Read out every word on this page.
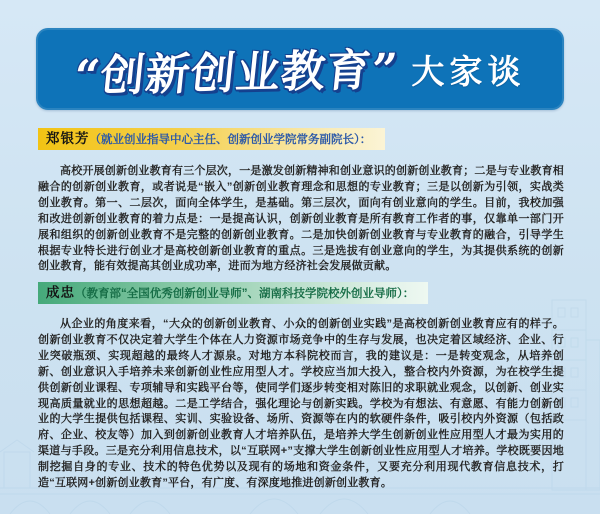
“创新创业教育” 大家谈
郑银芳（就业创业指导中心主任、创新创业学院常务副院长）：

高校开展创新创业教育有三个层次，一是激发创新精神和创业意识的创新创业教育；二是与专业教育相融合的创新创业教育，或者说是“嵌入”创新创业教育理念和思想的专业教育；三是以创新为引领，实战类创业教育。第一、二层次，面向全体学生，是基础。第三层次，面向有创业意向的学生。目前，我校加强和改进创新创业教育的着力点是：一是提高认识，创新创业教育是所有教育工作者的事，仅靠单一部门开展和组织的创新创业教育不是完整的创新创业教育。二是加快创新创业教育与专业教育的融合，引导学生根据专业特长进行创业才是高校创新创业教育的重点。三是选拔有创业意向的学生，为其提供系统的创新创业教育，能有效提高其创业成功率，进而为地方经济社会发展做贡献。

成忠（教育部“全国优秀创新创业导师”、湖南科技学院校外创业导师）：

从企业的角度来看，“大众的创新创业教育、小众的创新创业实践”是高校创新创业教育应有的样子。创新创业教育不仅决定着大学生个体在人力资源市场竞争中的生存与发展，也决定着区域经济、企业、行业突破瓶颈、实现超越的最终人才源泉。对地方本科院校而言，我的建议是：一是转变观念，从培养创新、创业意识入手培养未来创新创业性应用型人才。学校应当加大投入，整合校内外资源，为在校学生提供创新创业课程、专项辅导和实践平台等，使同学们逐步转变相对陈旧的求职就业观念，以创新、创业实现高质量就业的思想超越。二是工学结合，强化理论与创新实践。学校为有想法、有意愿、有能力创新创业的大学生提供包括课程、实训、实验设备、场所、资源等在内的软硬件条件，吸引校内外资源（包括政府、企业、校友等）加入到创新创业教育人才培养队伍，是培养大学生创新创业性应用型人才最为实用的渠道与手段。三是充分利用信息技术，以“互联网+”支撑大学生创新创业性应用型人才培养。学校既要因地制挖掘自身的专业、技术的特色优势以及现有的场地和资金条件，又要充分利用现代教育信息技术，打造“互联网+创新创业教育”平台，有广度、有深度地推进创新创业教育。
